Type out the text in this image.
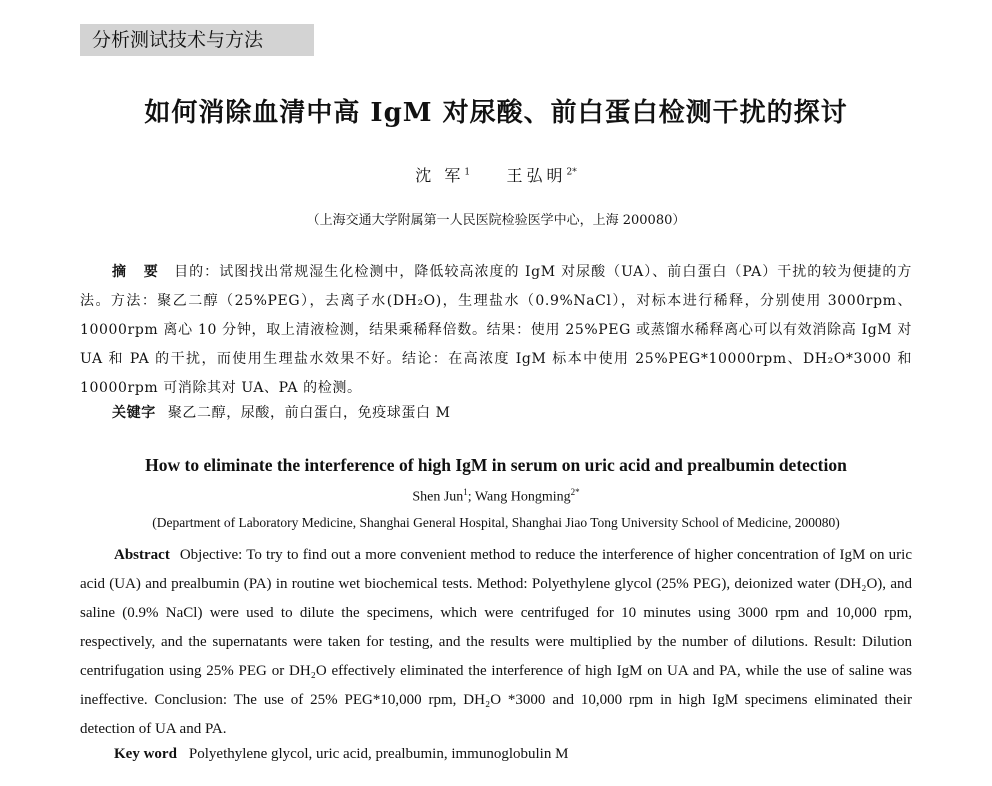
分析测试技术与方法
如何消除血清中高 IgM 对尿酸、前白蛋白检测干扰的探讨
沈 军$^1$ 王弘明$^{2*}$
（上海交通大学附属第一人民医院检验医学中心，上海 200080）
摘 要 目的：试图找出常规湿生化检测中，降低较高浓度的 IgM 对尿酸（UA）、前白蛋白（PA）干扰的较为便捷的方法。方法：聚乙二醇（25%PEG），去离子水(DH₂O)，生理盐水（0.9%NaCl），对标本进行稀释，分别使用 3000rpm、10000rpm 离心 10 分钟，取上清液检测，结果乘稀释倍数。结果：使用 25%PEG 或蒸馏水稀释离心可以有效消除高 IgM 对 UA 和 PA 的干扰，而使用生理盐水效果不好。结论：在高浓度 IgM 标本中使用 25%PEG*10000rpm、DH₂O*3000 和 10000rpm 可消除其对 UA、PA 的检测。
关键字 聚乙二醇，尿酸，前白蛋白，免疫球蛋白 M
How to eliminate the interference of high IgM in serum on uric acid and prealbumin detection
Shen Jun$^1$; Wang Hongming$^{2*}$
(Department of Laboratory Medicine, Shanghai General Hospital, Shanghai Jiao Tong University School of Medicine, 200080)
Abstract Objective: To try to find out a more convenient method to reduce the interference of higher concentration of IgM on uric acid (UA) and prealbumin (PA) in routine wet biochemical tests. Method: Polyethylene glycol (25% PEG), deionized water (DH₂O), and saline (0.9% NaCl) were used to dilute the specimens, which were centrifuged for 10 minutes using 3000 rpm and 10,000 rpm, respectively, and the supernatants were taken for testing, and the results were multiplied by the number of dilutions. Result: Dilution centrifugation using 25% PEG or DH₂O effectively eliminated the interference of high IgM on UA and PA, while the use of saline was ineffective. Conclusion: The use of 25% PEG*10,000 rpm, DH₂O *3000 and 10,000 rpm in high IgM specimens eliminated their detection of UA and PA.
Key word Polyethylene glycol, uric acid, prealbumin, immunoglobulin M
